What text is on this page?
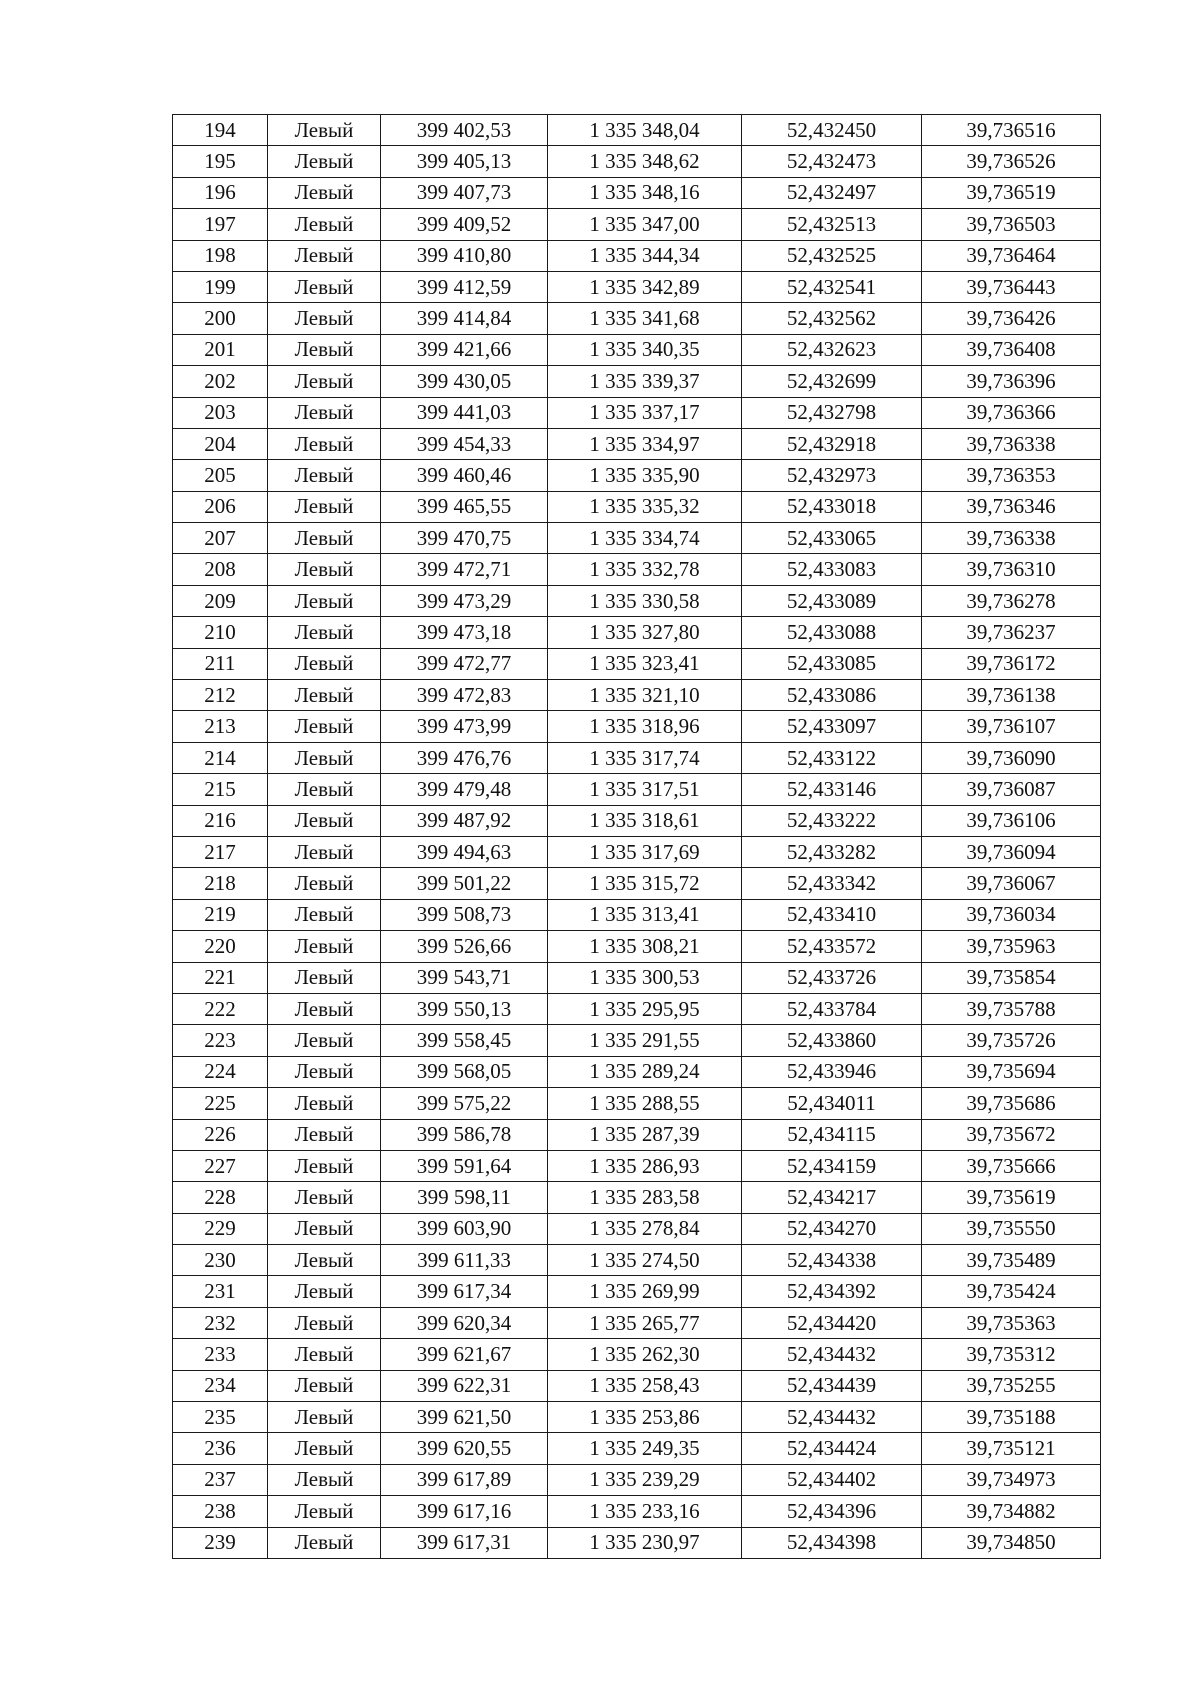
194	Левый	399 402,53	1 335 348,04	52,432450	39,736516
195	Левый	399 405,13	1 335 348,62	52,432473	39,736526
196	Левый	399 407,73	1 335 348,16	52,432497	39,736519
197	Левый	399 409,52	1 335 347,00	52,432513	39,736503
198	Левый	399 410,80	1 335 344,34	52,432525	39,736464
199	Левый	399 412,59	1 335 342,89	52,432541	39,736443
200	Левый	399 414,84	1 335 341,68	52,432562	39,736426
201	Левый	399 421,66	1 335 340,35	52,432623	39,736408
202	Левый	399 430,05	1 335 339,37	52,432699	39,736396
203	Левый	399 441,03	1 335 337,17	52,432798	39,736366
204	Левый	399 454,33	1 335 334,97	52,432918	39,736338
205	Левый	399 460,46	1 335 335,90	52,432973	39,736353
206	Левый	399 465,55	1 335 335,32	52,433018	39,736346
207	Левый	399 470,75	1 335 334,74	52,433065	39,736338
208	Левый	399 472,71	1 335 332,78	52,433083	39,736310
209	Левый	399 473,29	1 335 330,58	52,433089	39,736278
210	Левый	399 473,18	1 335 327,80	52,433088	39,736237
211	Левый	399 472,77	1 335 323,41	52,433085	39,736172
212	Левый	399 472,83	1 335 321,10	52,433086	39,736138
213	Левый	399 473,99	1 335 318,96	52,433097	39,736107
214	Левый	399 476,76	1 335 317,74	52,433122	39,736090
215	Левый	399 479,48	1 335 317,51	52,433146	39,736087
216	Левый	399 487,92	1 335 318,61	52,433222	39,736106
217	Левый	399 494,63	1 335 317,69	52,433282	39,736094
218	Левый	399 501,22	1 335 315,72	52,433342	39,736067
219	Левый	399 508,73	1 335 313,41	52,433410	39,736034
220	Левый	399 526,66	1 335 308,21	52,433572	39,735963
221	Левый	399 543,71	1 335 300,53	52,433726	39,735854
222	Левый	399 550,13	1 335 295,95	52,433784	39,735788
223	Левый	399 558,45	1 335 291,55	52,433860	39,735726
224	Левый	399 568,05	1 335 289,24	52,433946	39,735694
225	Левый	399 575,22	1 335 288,55	52,434011	39,735686
226	Левый	399 586,78	1 335 287,39	52,434115	39,735672
227	Левый	399 591,64	1 335 286,93	52,434159	39,735666
228	Левый	399 598,11	1 335 283,58	52,434217	39,735619
229	Левый	399 603,90	1 335 278,84	52,434270	39,735550
230	Левый	399 611,33	1 335 274,50	52,434338	39,735489
231	Левый	399 617,34	1 335 269,99	52,434392	39,735424
232	Левый	399 620,34	1 335 265,77	52,434420	39,735363
233	Левый	399 621,67	1 335 262,30	52,434432	39,735312
234	Левый	399 622,31	1 335 258,43	52,434439	39,735255
235	Левый	399 621,50	1 335 253,86	52,434432	39,735188
236	Левый	399 620,55	1 335 249,35	52,434424	39,735121
237	Левый	399 617,89	1 335 239,29	52,434402	39,734973
238	Левый	399 617,16	1 335 233,16	52,434396	39,734882
239	Левый	399 617,31	1 335 230,97	52,434398	39,734850
